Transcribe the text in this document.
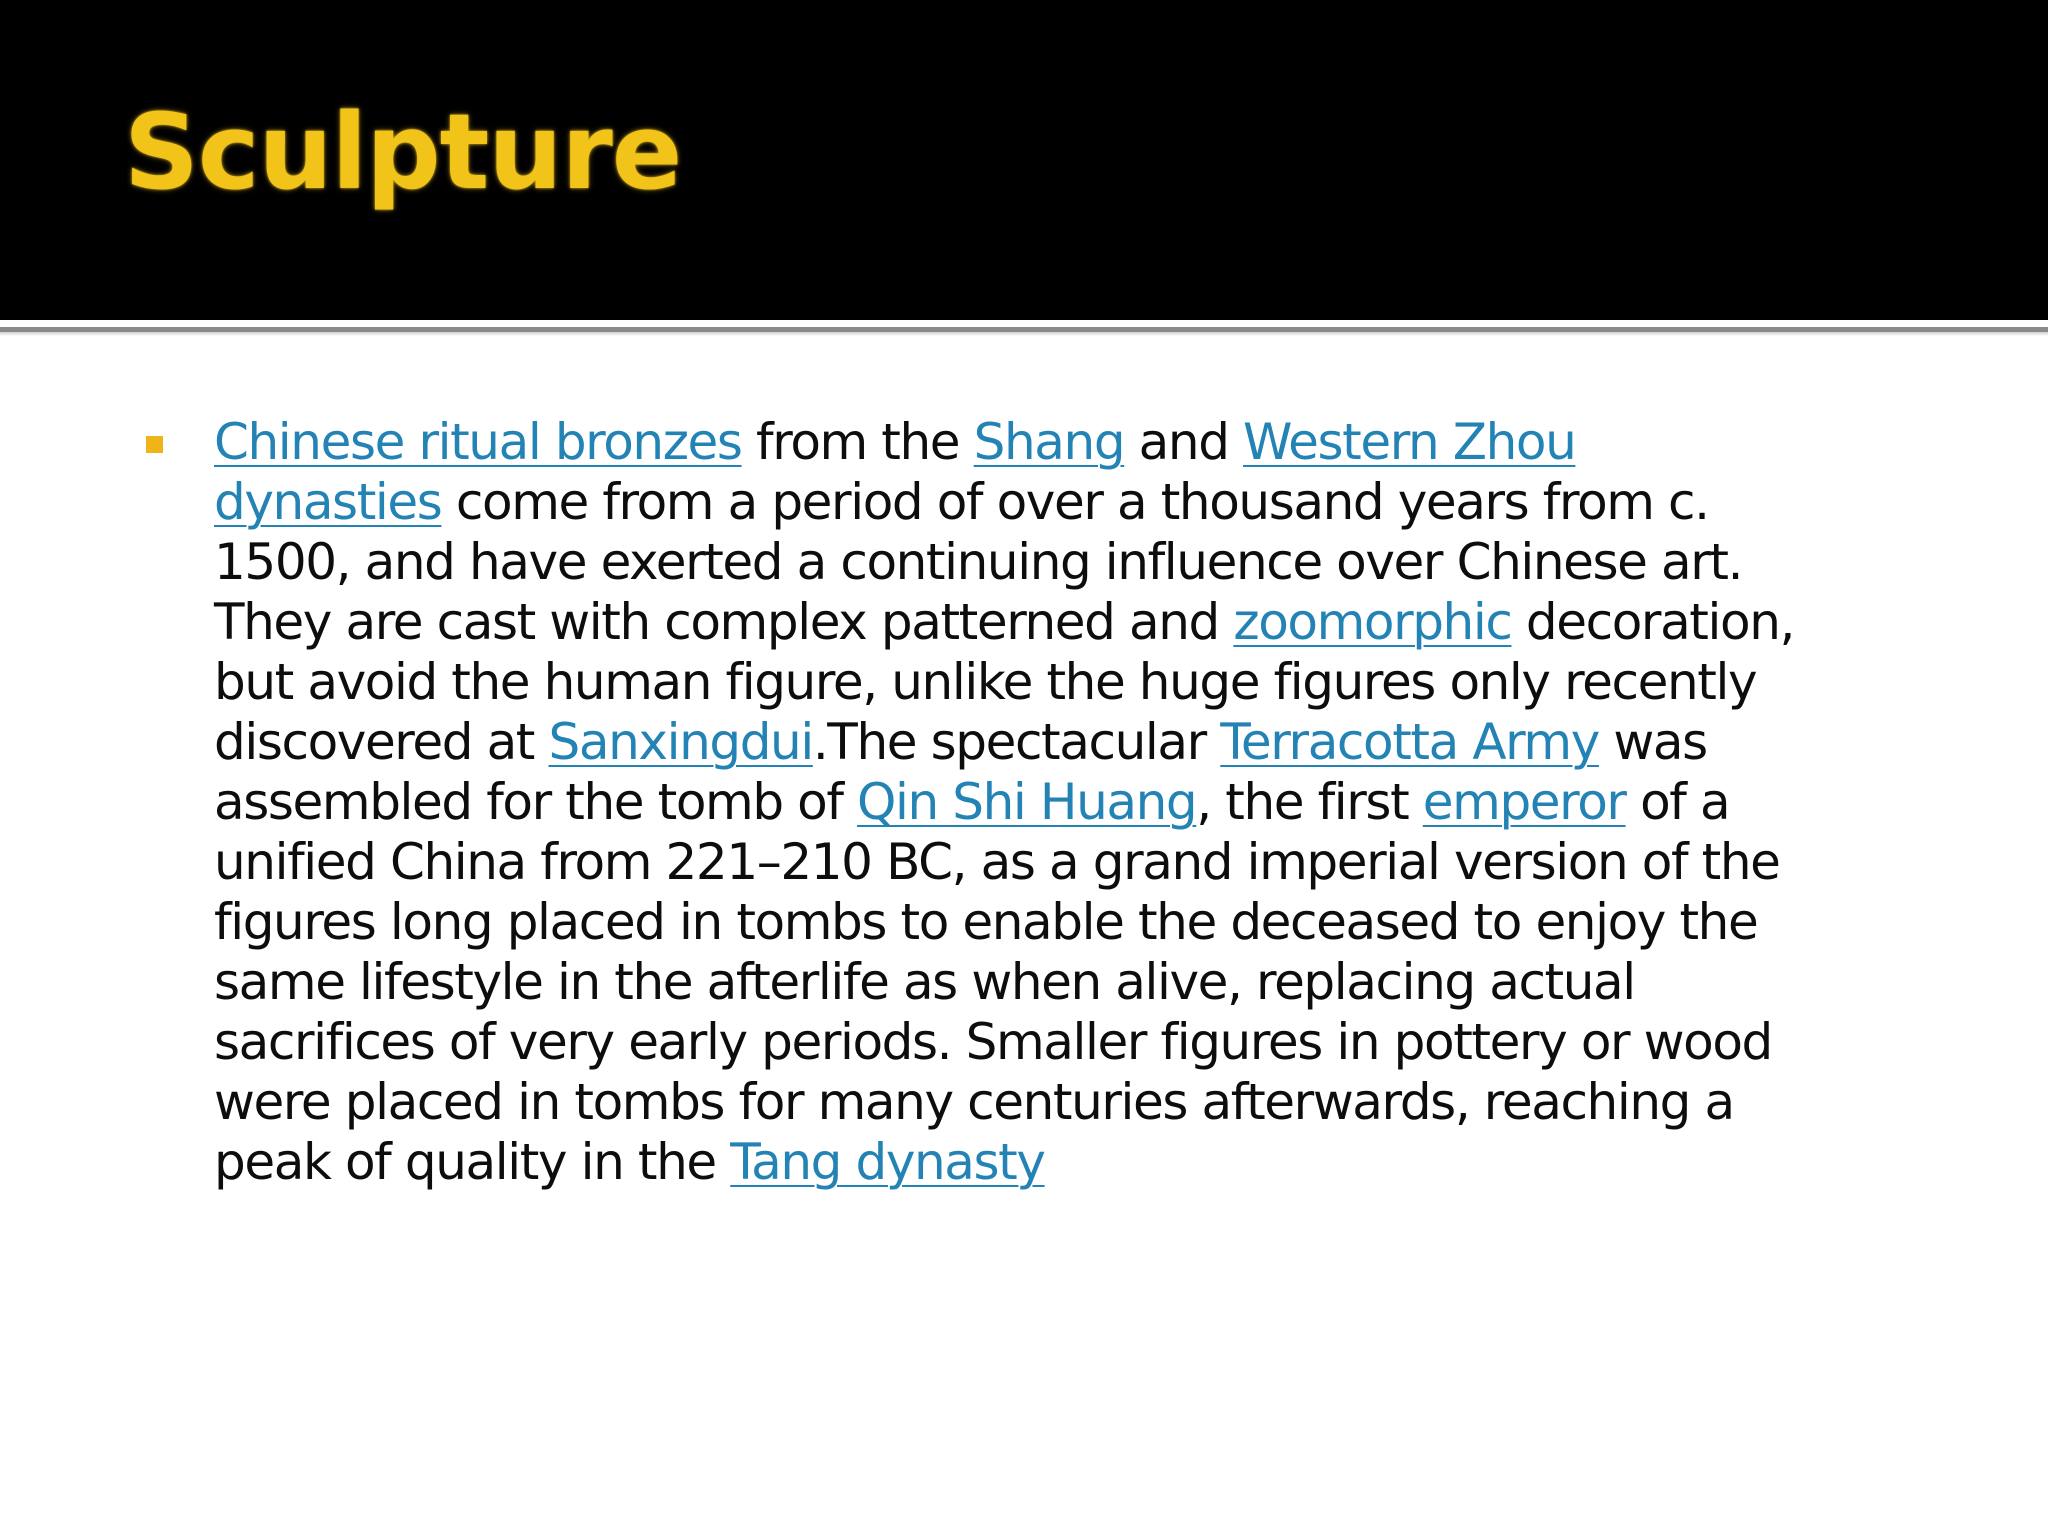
Sculpture

Chinese ritual bronzes from the Shang and Western Zhou
dynasties come from a period of over a thousand years from c.
1500, and have exerted a continuing influence over Chinese art.
They are cast with complex patterned and zoomorphic decoration,
but avoid the human figure, unlike the huge figures only recently
discovered at Sanxingdui.The spectacular Terracotta Army was
assembled for the tomb of Qin Shi Huang, the first emperor of a
unified China from 221–210 BC, as a grand imperial version of the
figures long placed in tombs to enable the deceased to enjoy the
same lifestyle in the afterlife as when alive, replacing actual
sacrifices of very early periods. Smaller figures in pottery or wood
were placed in tombs for many centuries afterwards, reaching a
peak of quality in the Tang dynasty
